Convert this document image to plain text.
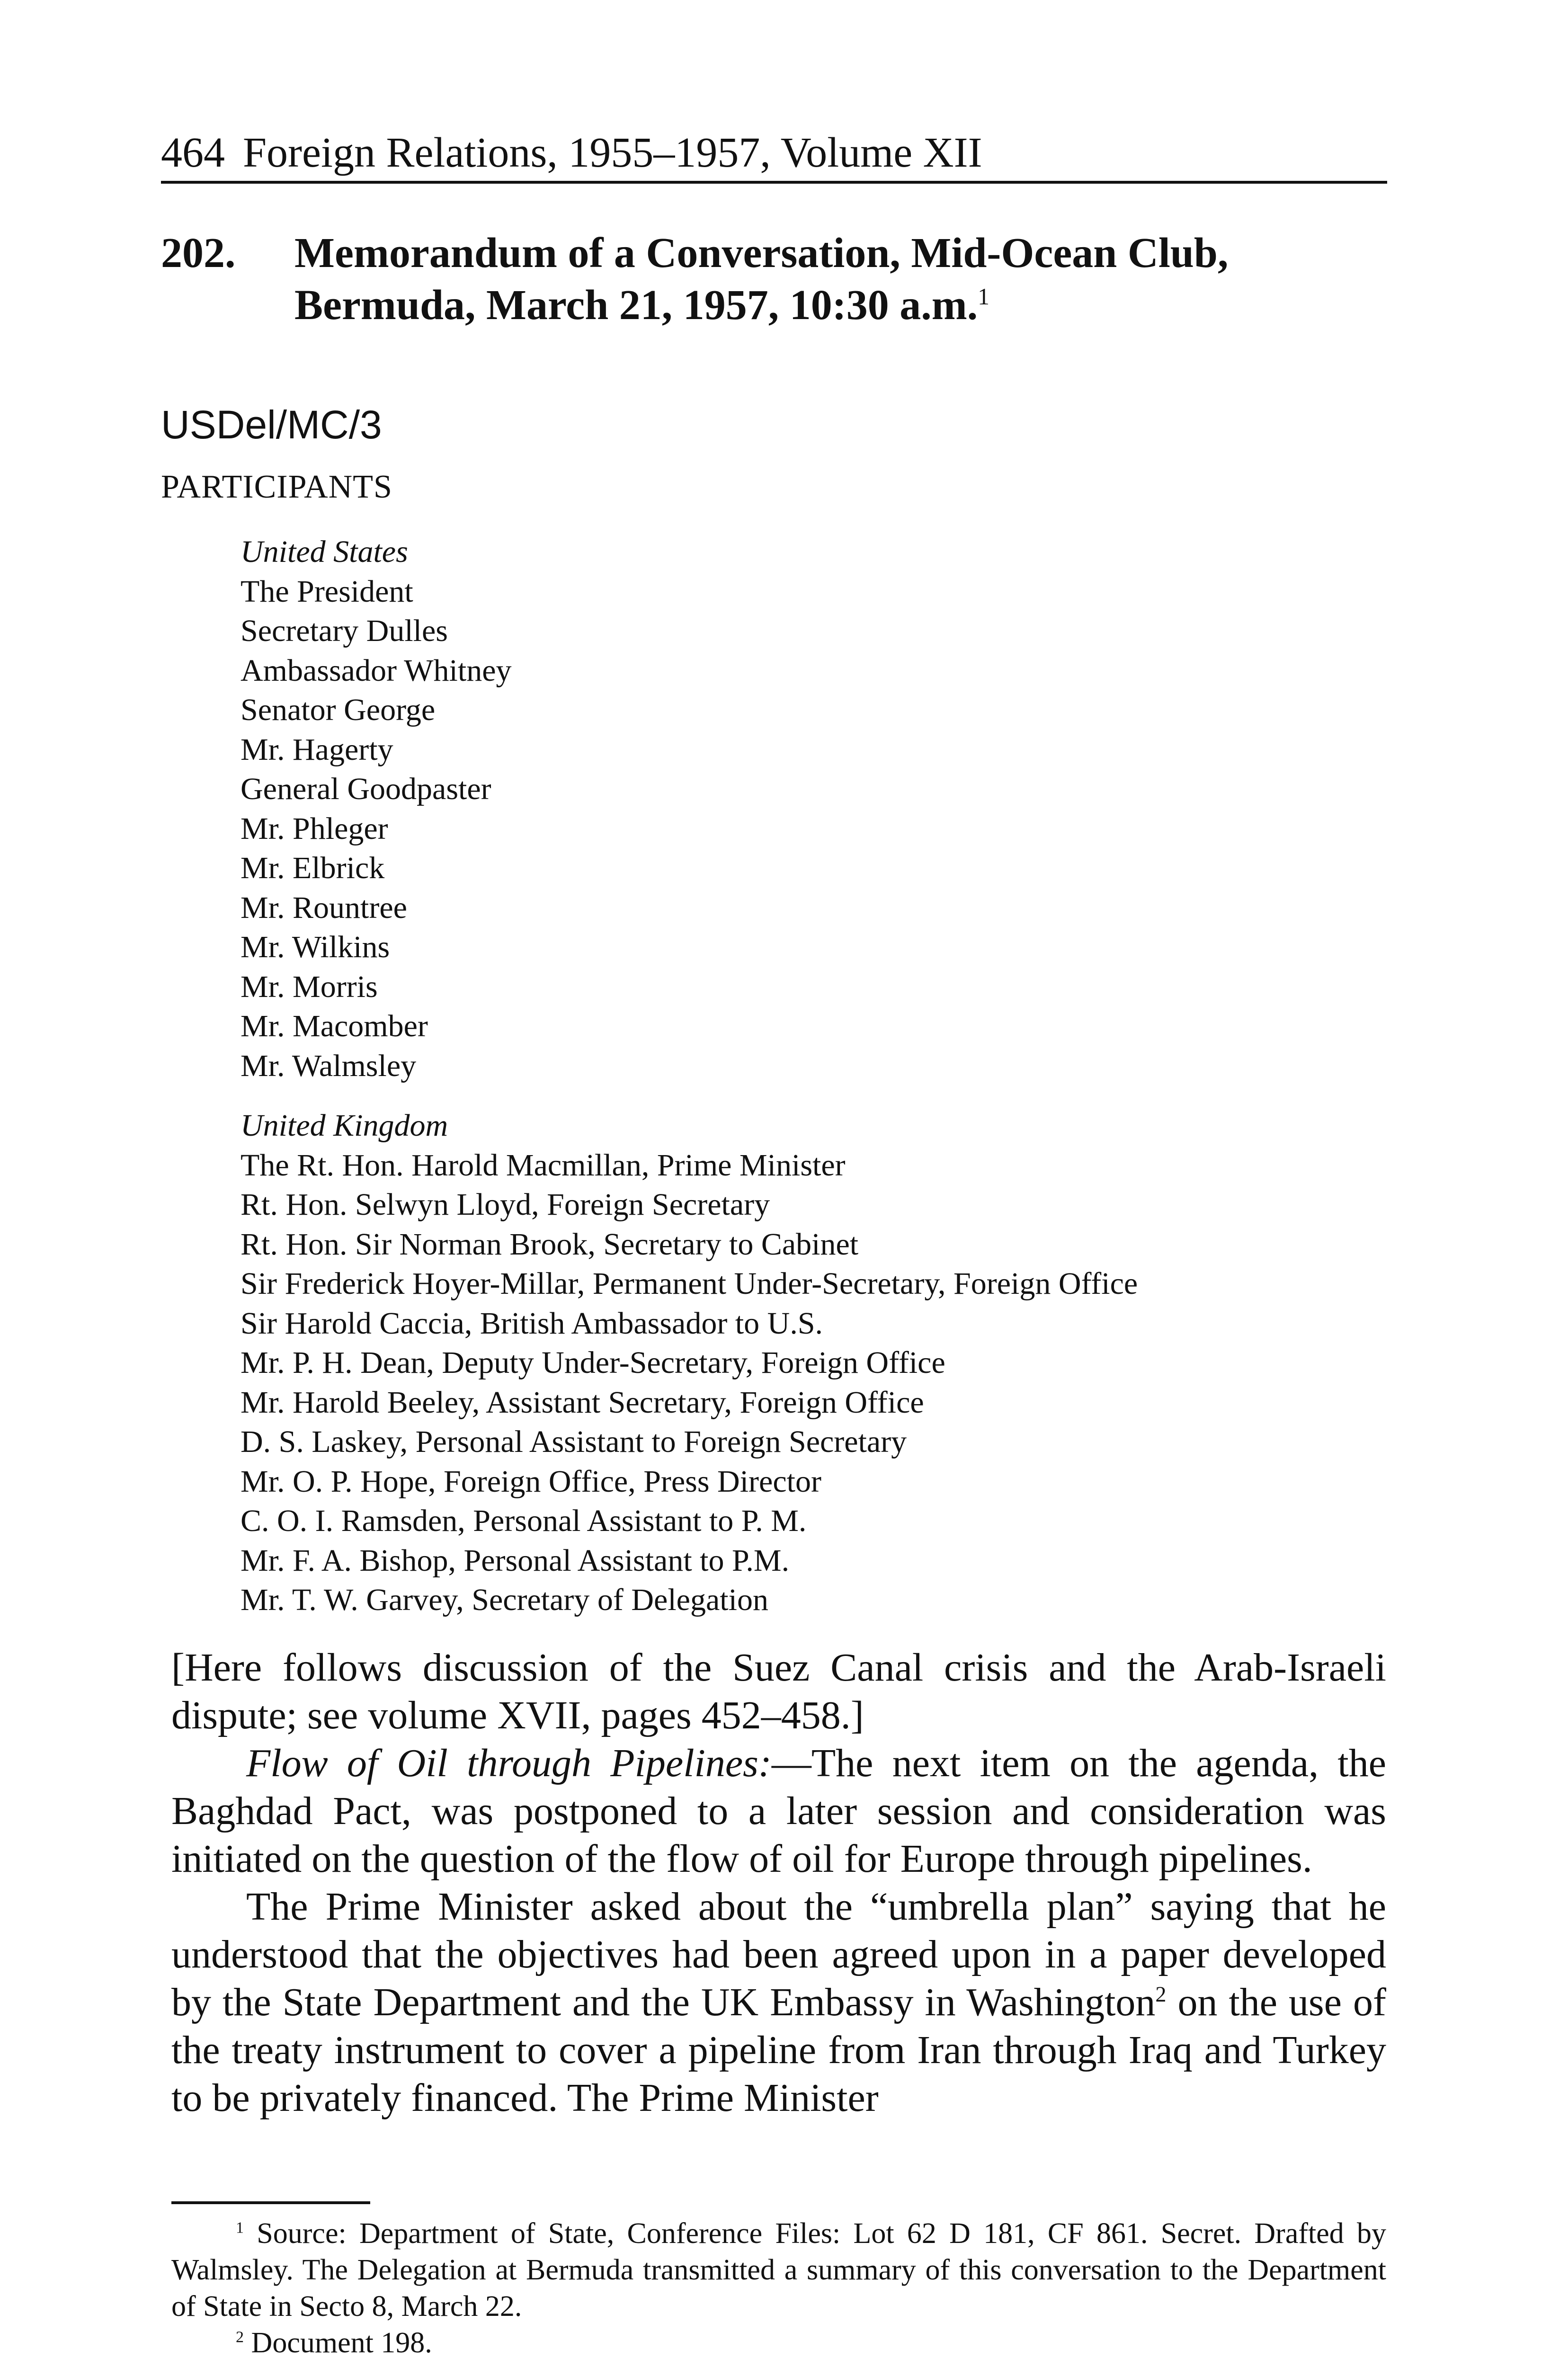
464 Foreign Relations, 1955–1957, Volume XII
202. Memorandum of a Conversation, Mid-Ocean Club,
Bermuda, March 21, 1957, 10:30 a.m.$^1$
USDel/MC/3
PARTICIPANTS
United States
The President
Secretary Dulles
Ambassador Whitney
Senator George
Mr. Hagerty
General Goodpaster
Mr. Phleger
Mr. Elbrick
Mr. Rountree
Mr. Wilkins
Mr. Morris
Mr. Macomber
Mr. Walmsley
United Kingdom
The Rt. Hon. Harold Macmillan, Prime Minister
Rt. Hon. Selwyn Lloyd, Foreign Secretary
Rt. Hon. Sir Norman Brook, Secretary to Cabinet
Sir Frederick Hoyer-Millar, Permanent Under-Secretary, Foreign Office
Sir Harold Caccia, British Ambassador to U.S.
Mr. P. H. Dean, Deputy Under-Secretary, Foreign Office
Mr. Harold Beeley, Assistant Secretary, Foreign Office
D. S. Laskey, Personal Assistant to Foreign Secretary
Mr. O. P. Hope, Foreign Office, Press Director
C. O. I. Ramsden, Personal Assistant to P. M.
Mr. F. A. Bishop, Personal Assistant to P.M.
Mr. T. W. Garvey, Secretary of Delegation

[Here follows discussion of the Suez Canal crisis and the Arab-Israeli dispute; see volume XVII, pages 452–458.]

Flow of Oil through Pipelines:—The next item on the agenda, the Baghdad Pact, was postponed to a later session and consideration was initiated on the question of the flow of oil for Europe through pipelines.

The Prime Minister asked about the “umbrella plan” saying that he understood that the objectives had been agreed upon in a paper developed by the State Department and the UK Embassy in Washington$^2$ on the use of the treaty instrument to cover a pipeline from Iran through Iraq and Turkey to be privately financed. The Prime Minister

$^1$ Source: Department of State, Conference Files: Lot 62 D 181, CF 861. Secret. Drafted by Walmsley. The Delegation at Bermuda transmitted a summary of this conversation to the Department of State in Secto 8, March 22.

$^2$ Document 198.
